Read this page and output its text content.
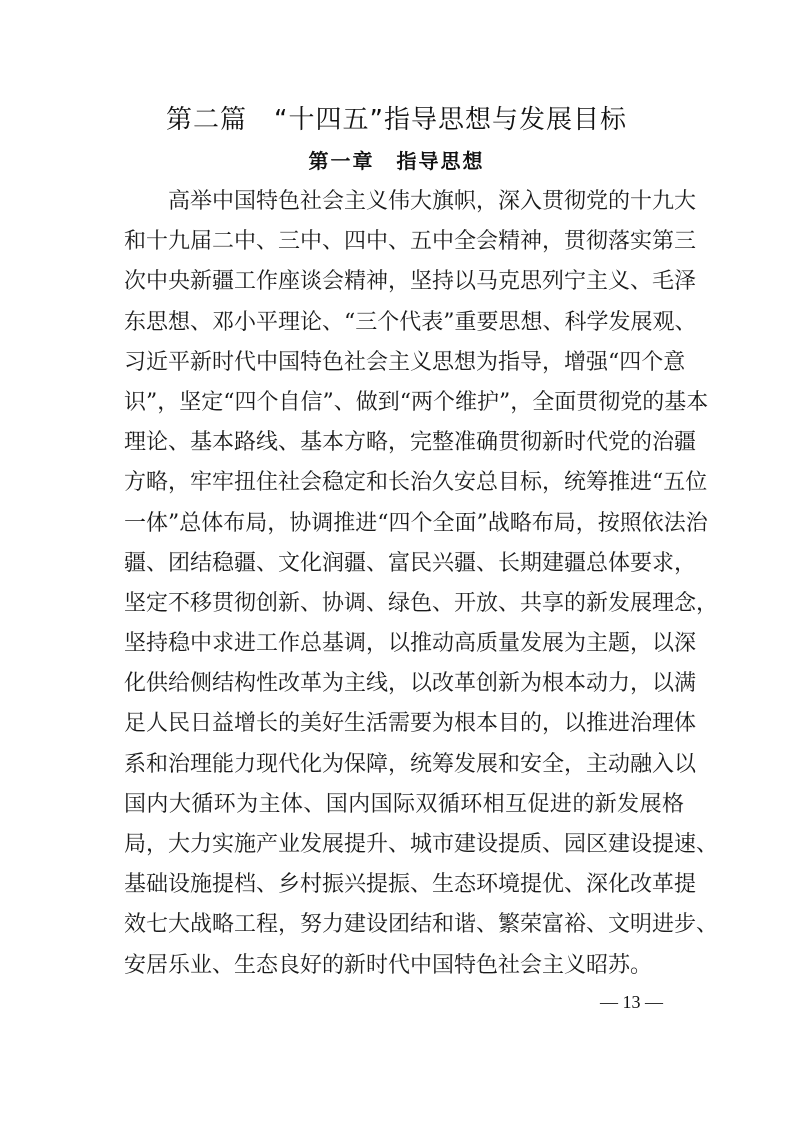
第二篇　“十四五”指导思想与发展目标
第一章　指导思想
　　高举中国特色社会主义伟大旗帜，深入贯彻党的十九大
和十九届二中、三中、四中、五中全会精神，贯彻落实第三
次中央新疆工作座谈会精神，坚持以马克思列宁主义、毛泽
东思想、邓小平理论、“三个代表”重要思想、科学发展观、
习近平新时代中国特色社会主义思想为指导，增强“四个意
识”，坚定“四个自信”、做到“两个维护”，全面贯彻党的基本
理论、基本路线、基本方略，完整准确贯彻新时代党的治疆
方略，牢牢扭住社会稳定和长治久安总目标，统筹推进“五位
一体”总体布局，协调推进“四个全面”战略布局，按照依法治
疆、团结稳疆、文化润疆、富民兴疆、长期建疆总体要求，
坚定不移贯彻创新、协调、绿色、开放、共享的新发展理念，
坚持稳中求进工作总基调，以推动高质量发展为主题，以深
化供给侧结构性改革为主线，以改革创新为根本动力，以满
足人民日益增长的美好生活需要为根本目的，以推进治理体
系和治理能力现代化为保障，统筹发展和安全，主动融入以
国内大循环为主体、国内国际双循环相互促进的新发展格
局，大力实施产业发展提升、城市建设提质、园区建设提速、
基础设施提档、乡村振兴提振、生态环境提优、深化改革提
效七大战略工程，努力建设团结和谐、繁荣富裕、文明进步、
安居乐业、生态良好的新时代中国特色社会主义昭苏。
— 13 —
